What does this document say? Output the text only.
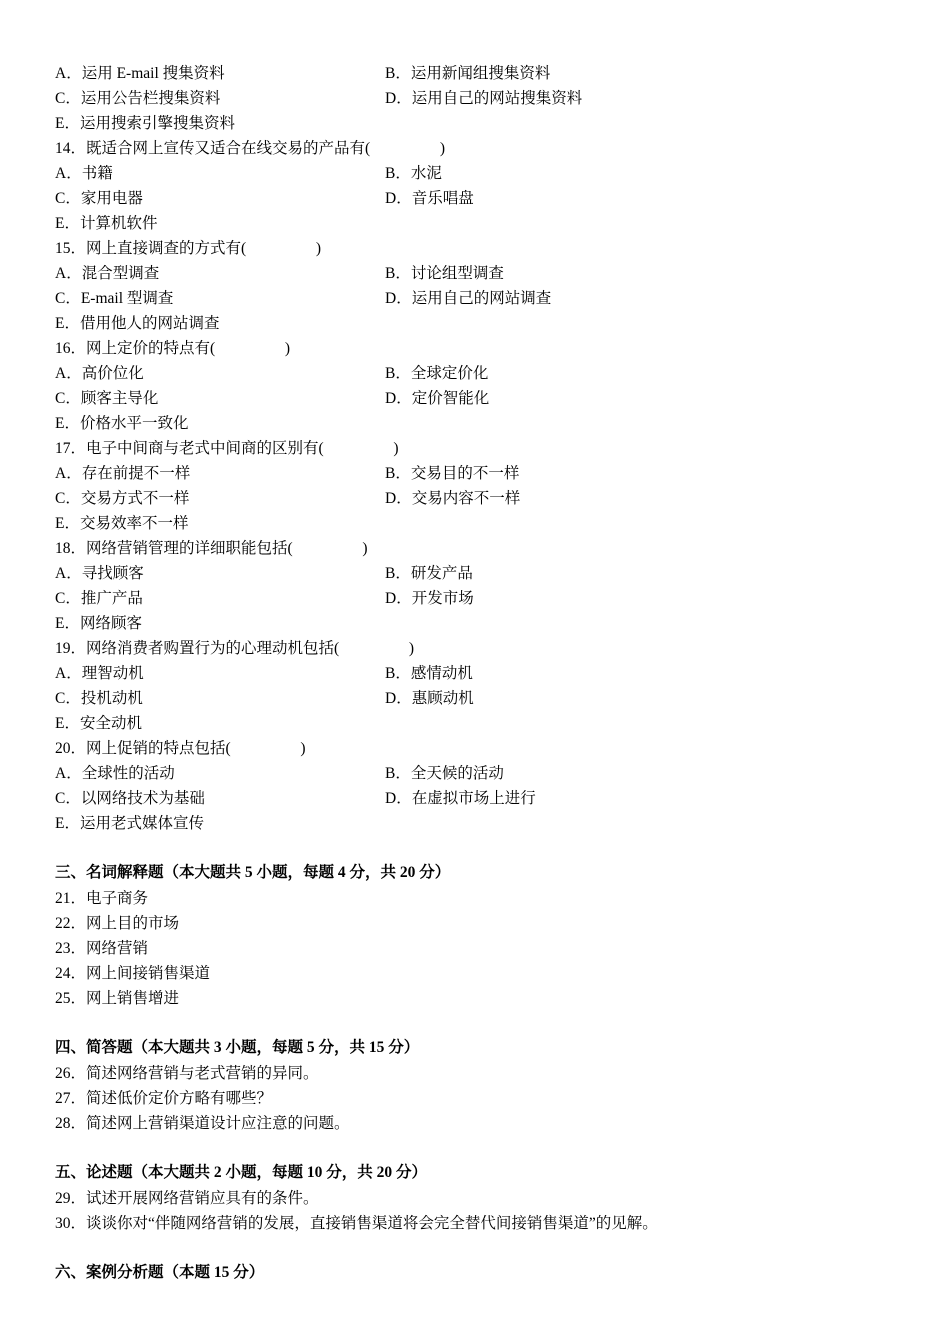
A．运用 E-mail 搜集资料	B．运用新闻组搜集资料
C．运用公告栏搜集资料	D．运用自己的网站搜集资料
E．运用搜索引擎搜集资料
14．既适合网上宣传又适合在线交易的产品有(                  )
A．书籍	B．水泥
C．家用电器	D．音乐唱盘
E．计算机软件
15．网上直接调查的方式有(                  )
A．混合型调查	B．讨论组型调查
C．E-mail 型调查	D．运用自己的网站调查
E．借用他人的网站调查
16．网上定价的特点有(                  )
A．高价位化	B．全球定价化
C．顾客主导化	D．定价智能化
E．价格水平一致化
17．电子中间商与老式中间商的区别有(                  )
A．存在前提不一样	B．交易目的不一样
C．交易方式不一样	D．交易内容不一样
E．交易效率不一样
18．网络营销管理的详细职能包括(                  )
A．寻找顾客	B．研发产品
C．推广产品	D．开发市场
E．网络顾客
19．网络消费者购置行为的心理动机包括(                  )
A．理智动机	B．感情动机
C．投机动机	D．惠顾动机
E．安全动机
20．网上促销的特点包括(                  )
A．全球性的活动	B．全天候的活动
C．以网络技术为基础	D．在虚拟市场上进行
E．运用老式媒体宣传
三、名词解释题（本大题共 5 小题，每题 4 分，共 20 分）
21．电子商务
22．网上目的市场
23．网络营销
24．网上间接销售渠道
25．网上销售增进
四、简答题（本大题共 3 小题，每题 5 分，共 15 分）
26．简述网络营销与老式营销的异同。
27．简述低价定价方略有哪些？
28．简述网上营销渠道设计应注意的问题。
五、论述题（本大题共 2 小题，每题 10 分，共 20 分）
29．试述开展网络营销应具有的条件。
30．谈谈你对“伴随网络营销的发展，直接销售渠道将会完全替代间接销售渠道”的见解。
六、案例分析题（本题 15 分）
